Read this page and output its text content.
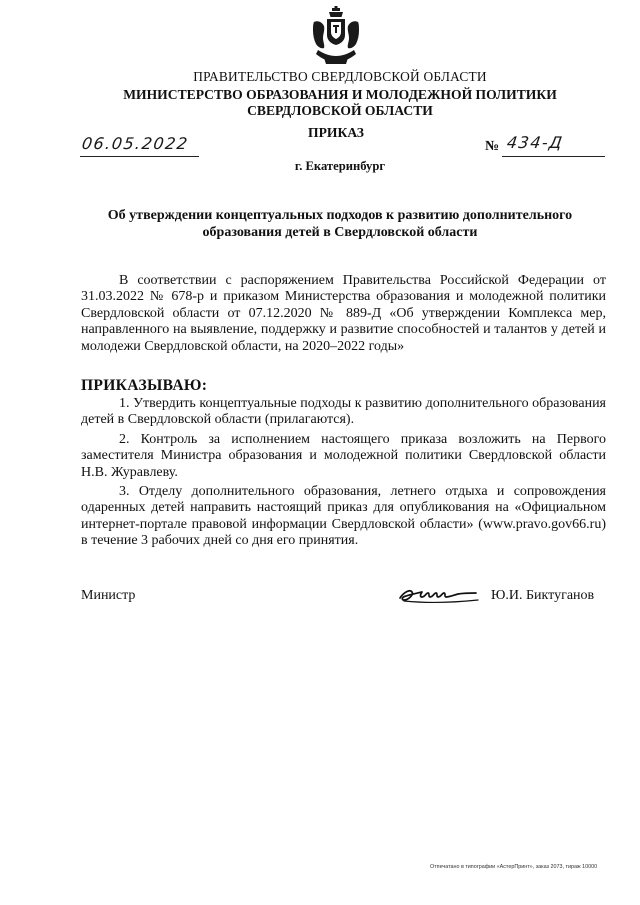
ПРАВИТЕЛЬСТВО СВЕРДЛОВСКОЙ ОБЛАСТИ

МИНИСТЕРСТВО ОБРАЗОВАНИЯ И МОЛОДЕЖНОЙ ПОЛИТИКИ
СВЕРДЛОВСКОЙ ОБЛАСТИ

ПРИКАЗ

06.05.2022	№ 434-Д

г. Екатеринбург

Об утверждении концептуальных подходов к развитию дополнительного образования детей в Свердловской области

В соответствии с распоряжением Правительства Российской Федерации от 31.03.2022 № 678-р и приказом Министерства образования и молодежной политики Свердловской области от 07.12.2020 № 889-Д «Об утверждении Комплекса мер, направленного на выявление, поддержку и развитие способностей и талантов у детей и молодежи Свердловской области, на 2020–2022 годы»

ПРИКАЗЫВАЮ:

1. Утвердить концептуальные подходы к развитию дополнительного образования детей в Свердловской области (прилагаются).

2. Контроль за исполнением настоящего приказа возложить на Первого заместителя Министра образования и молодежной политики Свердловской области Н.В. Журавлеву.

3. Отделу дополнительного образования, летнего отдыха и сопровождения одаренных детей направить настоящий приказ для опубликования на «Официальном интернет-портале правовой информации Свердловской области» (www.pravo.gov66.ru) в течение 3 рабочих дней со дня его принятия.

Министр	Ю.И. Биктуганов

Отпечатано в типографии «АстерПринт», заказ 2073, тираж 10000
